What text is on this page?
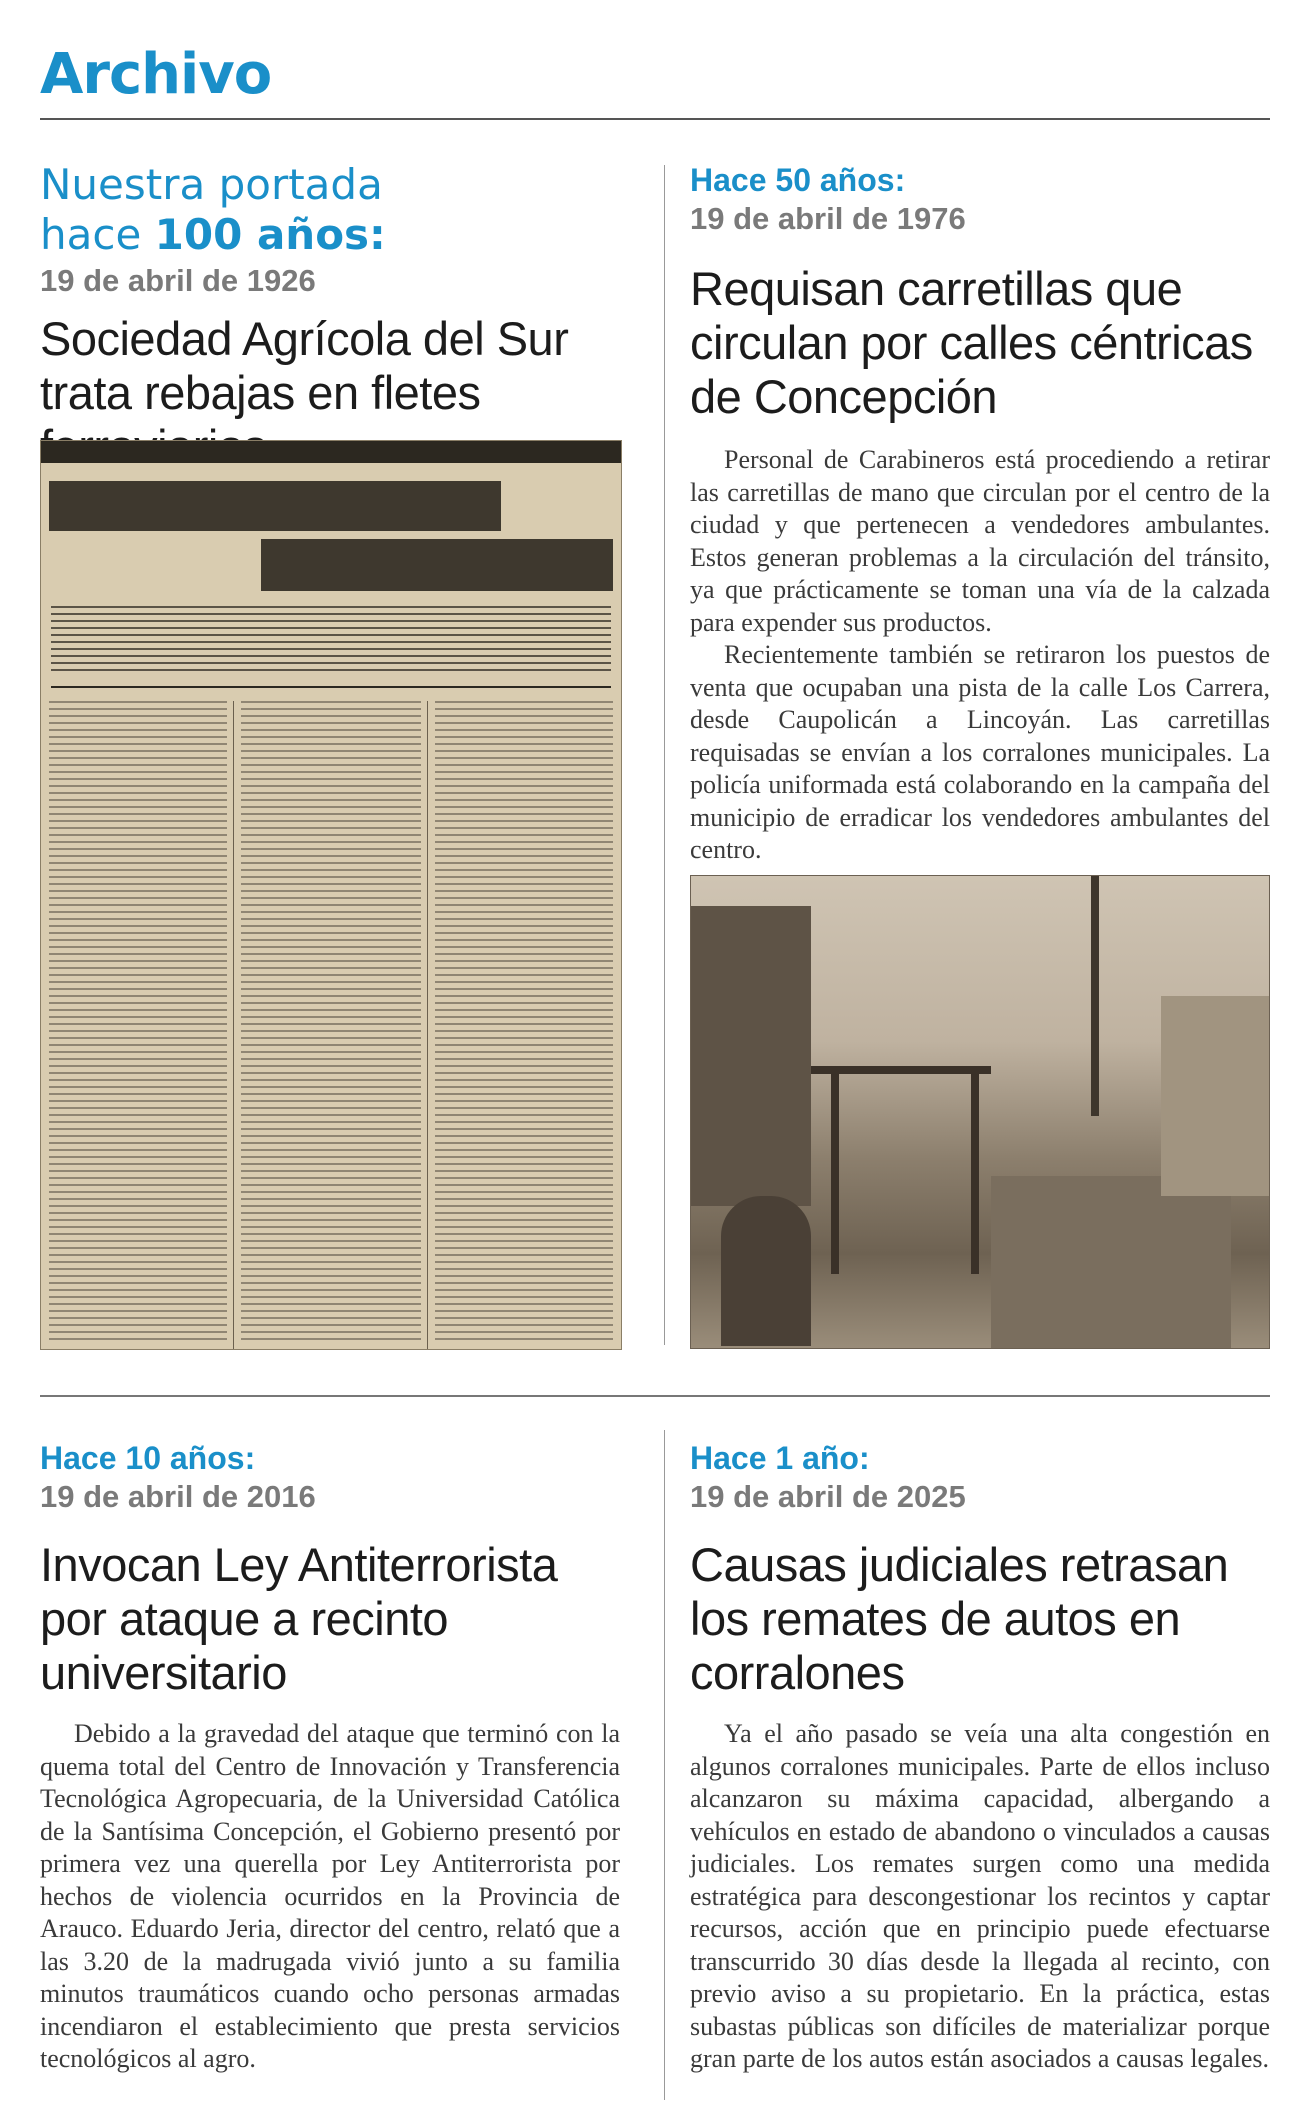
Archivo
Nuestra portada
hace 100 años:
19 de abril de 1926
Sociedad Agrícola del Sur trata rebajas en fletes
Hace 50 años:
19 de abril de 1976
Requisan carretillas que circulan por calles céntricas de Concepción

Personal de Carabineros está procediendo a retirar las carretillas de mano que circulan por el centro de la ciudad y que pertenecen a vendedores ambulantes. Estos generan problemas a la circulación del tránsito, ya que prácticamente se toman una vía de la calzada para expender sus productos.

Recientemente también se retiraron los puestos de venta que ocupaban una pista de la calle Los Carrera, desde Caupolicán a Lincoyán. Las carretillas requisadas se envían a los corralones municipales. La policía uniformada está colaborando en la campaña del municipio de erradicar los vendedores ambulantes del centro.

Hace 10 años:
19 de abril de 2016
Invocan Ley Antiterrorista por ataque a recinto universitario

Debido a la gravedad del ataque que terminó con la quema total del Centro de Innovación y Transferencia Tecnológica Agropecuaria, de la Universidad Católica de la Santísima Concepción, el Gobierno presentó por primera vez una querella por Ley Antiterrorista por hechos de violencia ocurridos en la Provincia de Arauco. Eduardo Jeria, director del centro, relató que a las 3.20 de la madrugada vivió junto a su familia minutos traumáticos cuando ocho personas armadas incendiaron el establecimiento que presta servicios tecnológicos al agro.

Hace 1 año:
19 de abril de 2025
Causas judiciales retrasan los remates de autos en corralones

Ya el año pasado se veía una alta congestión en algunos corralones municipales. Parte de ellos incluso alcanzaron su máxima capacidad, albergando a vehículos en estado de abandono o vinculados a causas judiciales. Los remates surgen como una medida estratégica para descongestionar los recintos y captar recursos, acción que en principio puede efectuarse transcurrido 30 días desde la llegada al recinto, con previo aviso a su propietario. En la práctica, estas subastas públicas son difíciles de materializar porque gran parte de los autos están asociados a causas legales.
